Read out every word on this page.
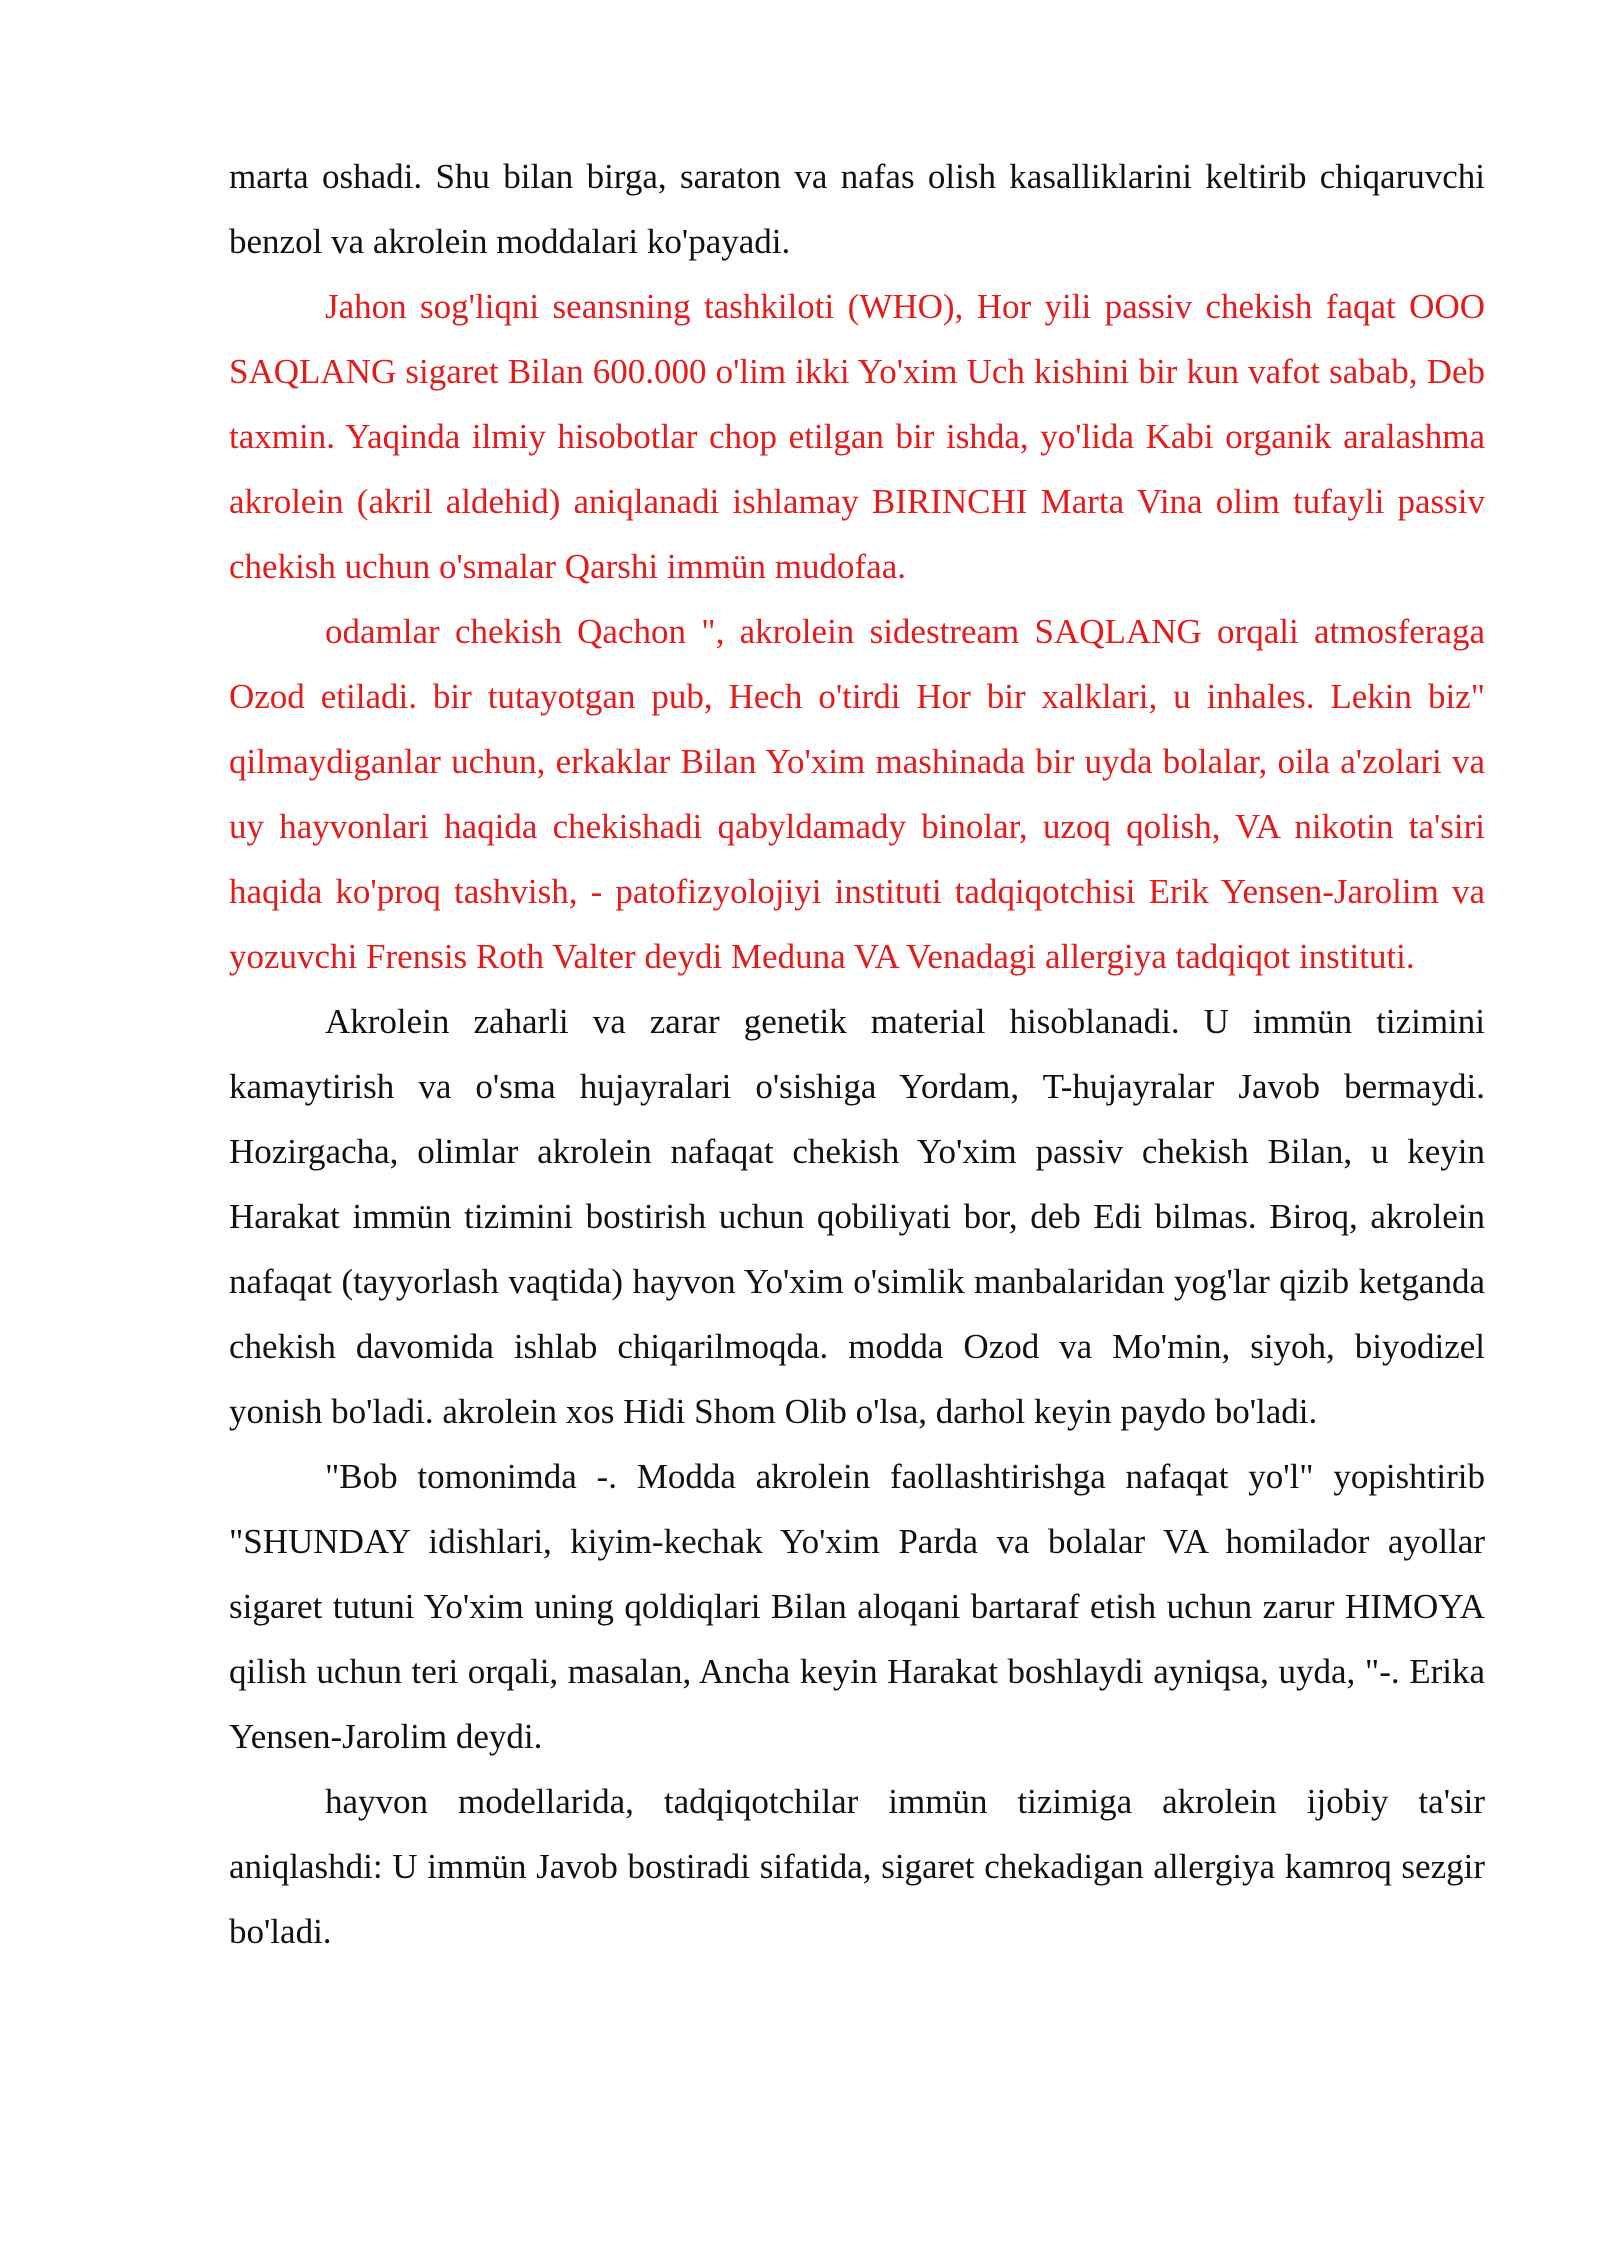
marta oshadi. Shu bilan birga, saraton va nafas olish kasalliklarini keltirib chiqaruvchi benzol va akrolein moddalari ko'payadi.

Jahon sog'liqni seansning tashkiloti (WHO), Hor yili passiv chekish faqat OOO SAQLANG sigaret Bilan 600.000 o'lim ikki Yo'xim Uch kishini bir kun vafot sabab, Deb taxmin. Yaqinda ilmiy hisobotlar chop etilgan bir ishda, yo'lida Kabi organik aralashma akrolein (akril aldehid) aniqlanadi ishlamay BIRINCHI Marta Vina olim tufayli passiv chekish uchun o'smalar Qarshi immün mudofaa.

odamlar chekish Qachon ", akrolein sidestream SAQLANG orqali atmosferaga Ozod etiladi. bir tutayotgan pub, Hech o'tirdi Hor bir xalklari, u inhales. Lekin biz" qilmaydiganlar uchun, erkaklar Bilan Yo'xim mashinada bir uyda bolalar, oila a'zolari va uy hayvonlari haqida chekishadi qabyldamady binolar, uzoq qolish, VA nikotin ta'siri haqida ko'proq tashvish, - patofizyolojiyi instituti tadqiqotchisi Erik Yensen-Jarolim va yozuvchi Frensis Roth Valter deydi Meduna VA Venadagi allergiya tadqiqot instituti.

Akrolein zaharli va zarar genetik material hisoblanadi. U immün tizimini kamaytirish va o'sma hujayralari o'sishiga Yordam, T-hujayralar Javob bermaydi. Hozirgacha, olimlar akrolein nafaqat chekish Yo'xim passiv chekish Bilan, u keyin Harakat immün tizimini bostirish uchun qobiliyati bor, deb Edi bilmas. Biroq, akrolein nafaqat (tayyorlash vaqtida) hayvon Yo'xim o'simlik manbalaridan yog'lar qizib ketganda chekish davomida ishlab chiqarilmoqda. modda Ozod va Mo'min, siyoh, biyodizel yonish bo'ladi. akrolein xos Hidi Shom Olib o'lsa, darhol keyin paydo bo'ladi.

"Bob tomonimda -. Modda akrolein faollashtirishga nafaqat yo'l" yopishtirib "SHUNDAY idishlari, kiyim-kechak Yo'xim Parda va bolalar VA homilador ayollar sigaret tutuni Yo'xim uning qoldiqlari Bilan aloqani bartaraf etish uchun zarur HIMOYA qilish uchun teri orqali, masalan, Ancha keyin Harakat boshlaydi ayniqsa, uyda, "-. Erika Yensen-Jarolim deydi.

hayvon modellarida, tadqiqotchilar immün tizimiga akrolein ijobiy ta'sir aniqlashdi: U immün Javob bostiradi sifatida, sigaret chekadigan allergiya kamroq sezgir bo'ladi.
